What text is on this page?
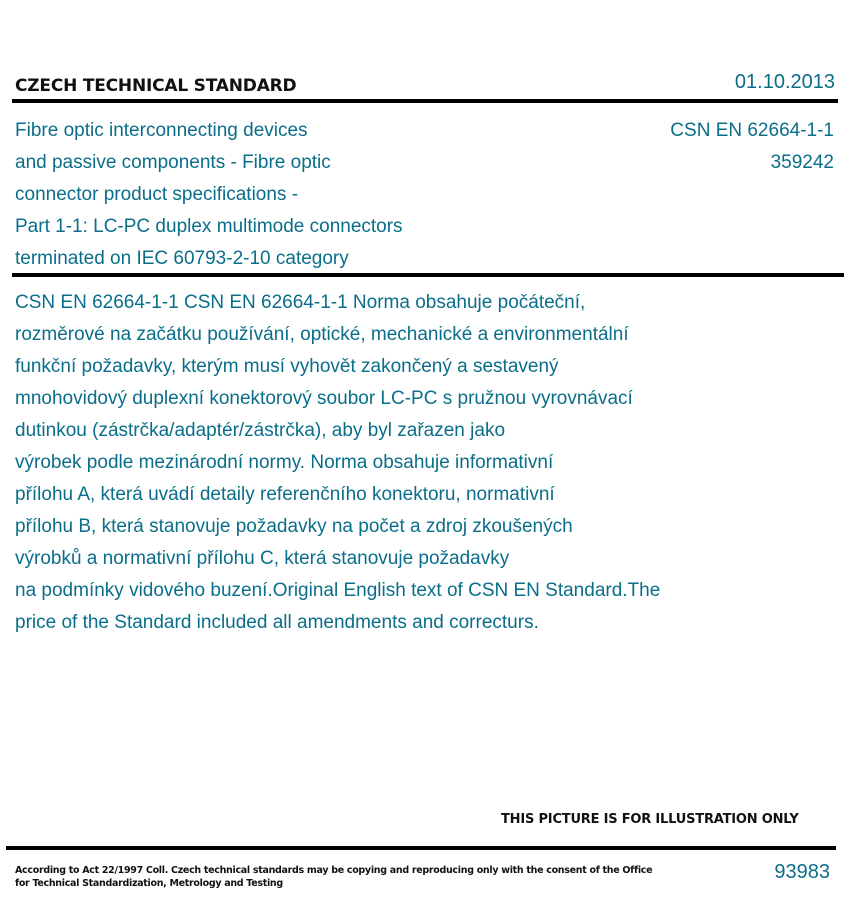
CZECH TECHNICAL STANDARD	01.10.2013
Fibre optic interconnecting devices
and passive components - Fibre optic
connector product specifications -
Part 1-1: LC-PC duplex multimode connectors
terminated on IEC 60793-2-10 category
CSN EN 62664-1-1
359242
CSN EN 62664-1-1 CSN EN 62664-1-1 Norma obsahuje počáteční,
rozměrové na začátku používání, optické, mechanické a environmentální
funkční požadavky, kterým musí vyhovět zakončený a sestavený
mnohovidový duplexní konektorový soubor LC-PC s pružnou vyrovnávací
dutinkou (zástrčka/adaptér/zástrčka), aby byl zařazen jako
výrobek podle mezinárodní normy. Norma obsahuje informativní
přílohu A, která uvádí detaily referenčního konektoru, normativní
přílohu B, která stanovuje požadavky na počet a zdroj zkoušených
výrobků a normativní přílohu C, která stanovuje požadavky
na podmínky vidového buzení.Original English text of CSN EN Standard.The
price of the Standard included all amendments and correcturs.
THIS PICTURE IS FOR ILLUSTRATION ONLY
According to Act 22/1997 Coll. Czech technical standards may be copying and reproducing only with the consent of the Office
for Technical Standardization, Metrology and Testing
93983
